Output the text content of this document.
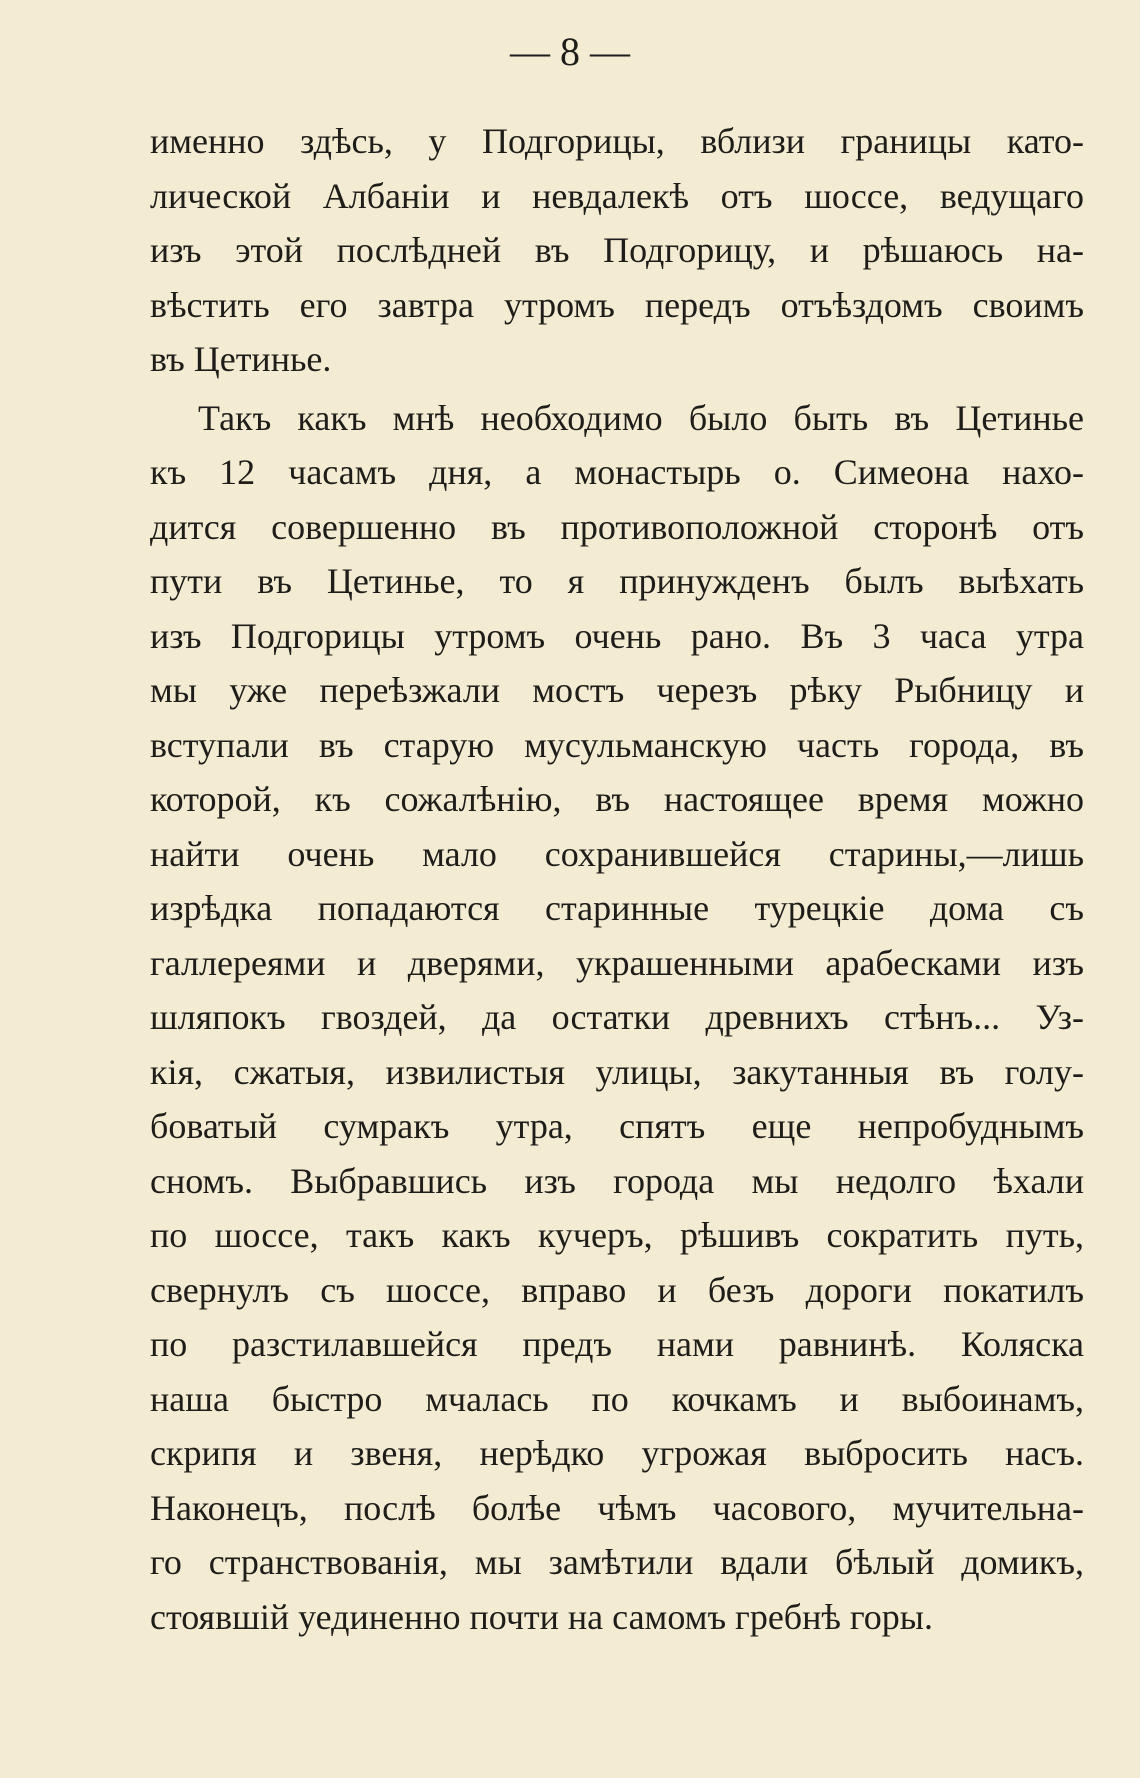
— 8 —
именно здѣсь, у Подгорицы, вблизи границы като-
лической Албаніи и невдалекѣ отъ шоссе, ведущаго
изъ этой послѣдней въ Подгорицу, и рѣшаюсь на-
вѣстить его завтра утромъ передъ отъѣздомъ своимъ
въ Цетинье.
Такъ какъ мнѣ необходимо было быть въ Цетинье
къ 12 часамъ дня, а монастырь о. Симеона нахо-
дится совершенно въ противоположной сторонѣ отъ
пути въ Цетинье, то я принужденъ былъ выѣхать
изъ Подгорицы утромъ очень рано. Въ 3 часа утра
мы уже переѣзжали мостъ черезъ рѣку Рыбницу и
вступали въ старую мусульманскую часть города, въ
которой, къ сожалѣнію, въ настоящее время можно
найти очень мало сохранившейся старины,—лишь
изрѣдка попадаются старинные турецкіе дома съ
галлереями и дверями, украшенными арабесками изъ
шляпокъ гвоздей, да остатки древнихъ стѣнъ... Уз-
кія, сжатыя, извилистыя улицы, закутанныя въ голу-
боватый сумракъ утра, спятъ еще непробуднымъ
сномъ. Выбравшись изъ города мы недолго ѣхали
по шоссе, такъ какъ кучеръ, рѣшивъ сократить путь,
свернулъ съ шоссе, вправо и безъ дороги покатилъ
по разстилавшейся предъ нами равнинѣ. Коляска
наша быстро мчалась по кочкамъ и выбоинамъ,
скрипя и звеня, нерѣдко угрожая выбросить насъ.
Наконецъ, послѣ болѣе чѣмъ часового, мучительна-
го странствованія, мы замѣтили вдали бѣлый домикъ,
стоявшій уединенно почти на самомъ гребнѣ горы.
